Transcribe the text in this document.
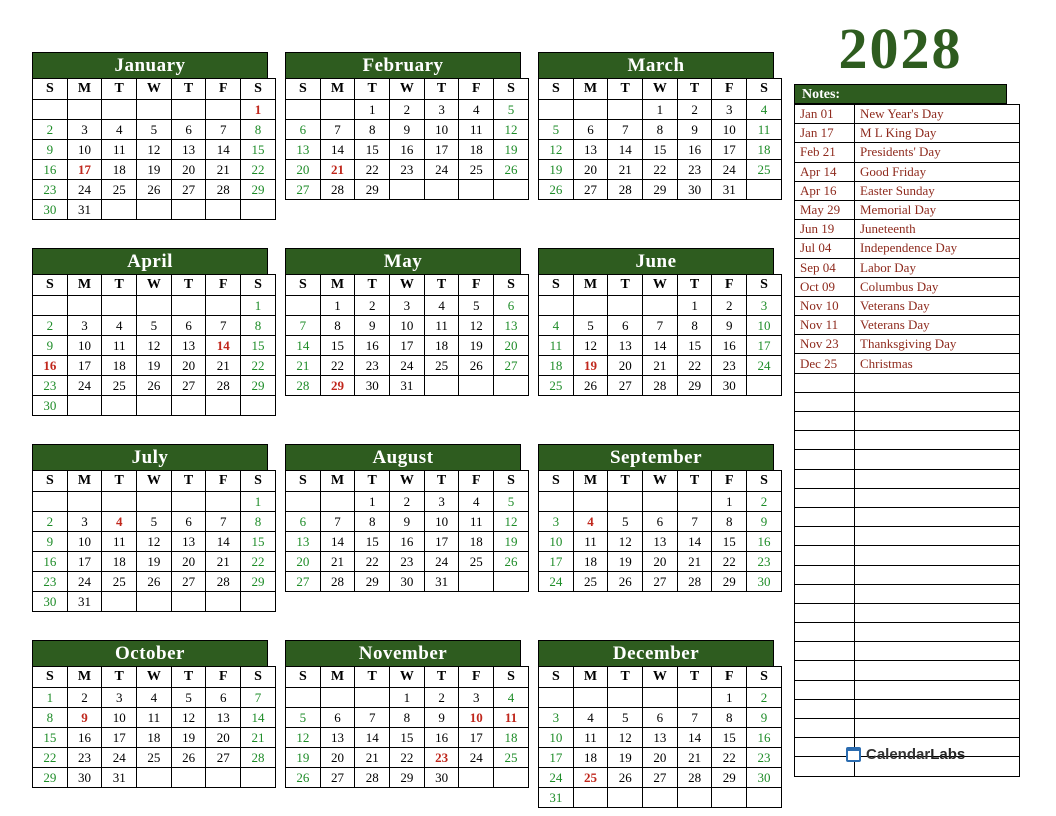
January
S	M	T	W	T	F	S
						1
2	3	4	5	6	7	8
9	10	11	12	13	14	15
16	17	18	19	20	21	22
23	24	25	26	27	28	29
30	31					
February
S	M	T	W	T	F	S
		1	2	3	4	5
6	7	8	9	10	11	12
13	14	15	16	17	18	19
20	21	22	23	24	25	26
27	28	29				
March
S	M	T	W	T	F	S
			1	2	3	4
5	6	7	8	9	10	11
12	13	14	15	16	17	18
19	20	21	22	23	24	25
26	27	28	29	30	31	
April
S	M	T	W	T	F	S
						1
2	3	4	5	6	7	8
9	10	11	12	13	14	15
16	17	18	19	20	21	22
23	24	25	26	27	28	29
30						
May
S	M	T	W	T	F	S
	1	2	3	4	5	6
7	8	9	10	11	12	13
14	15	16	17	18	19	20
21	22	23	24	25	26	27
28	29	30	31			
June
S	M	T	W	T	F	S
				1	2	3
4	5	6	7	8	9	10
11	12	13	14	15	16	17
18	19	20	21	22	23	24
25	26	27	28	29	30	
July
S	M	T	W	T	F	S
						1
2	3	4	5	6	7	8
9	10	11	12	13	14	15
16	17	18	19	20	21	22
23	24	25	26	27	28	29
30	31					
August
S	M	T	W	T	F	S
		1	2	3	4	5
6	7	8	9	10	11	12
13	14	15	16	17	18	19
20	21	22	23	24	25	26
27	28	29	30	31		
September
S	M	T	W	T	F	S
					1	2
3	4	5	6	7	8	9
10	11	12	13	14	15	16
17	18	19	20	21	22	23
24	25	26	27	28	29	30
October
S	M	T	W	T	F	S
1	2	3	4	5	6	7
8	9	10	11	12	13	14
15	16	17	18	19	20	21
22	23	24	25	26	27	28
29	30	31				
November
S	M	T	W	T	F	S
			1	2	3	4
5	6	7	8	9	10	11
12	13	14	15	16	17	18
19	20	21	22	23	24	25
26	27	28	29	30		
December
S	M	T	W	T	F	S
					1	2
3	4	5	6	7	8	9
10	11	12	13	14	15	16
17	18	19	20	21	22	23
24	25	26	27	28	29	30
31						
2028
Notes:
Jan 01	New Year's Day
Jan 17	M L King Day
Feb 21	Presidents' Day
Apr 14	Good Friday
Apr 16	Easter Sunday
May 29	Memorial Day
Jun 19	Juneteenth
Jul 04	Independence Day
Sep 04	Labor Day
Oct 09	Columbus Day
Nov 10	Veterans Day
Nov 11	Veterans Day
Nov 23	Thanksgiving Day
Dec 25	Christmas

CalendarLabs
